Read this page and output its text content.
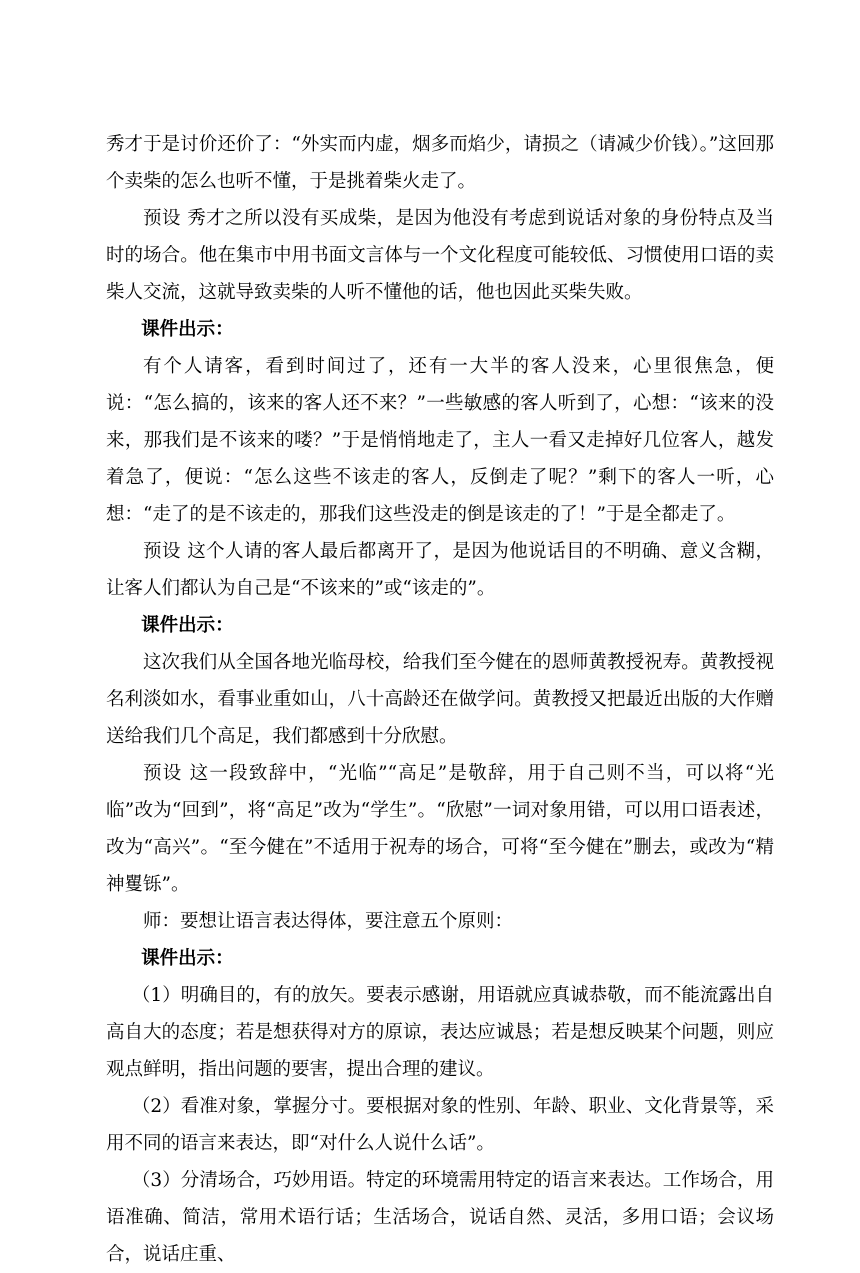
秀才于是讨价还价了：“外实而内虚，烟多而焰少，请损之（请减少价钱）。”这回那个卖柴的怎么也听不懂，于是挑着柴火走了。

预设 秀才之所以没有买成柴，是因为他没有考虑到说话对象的身份特点及当时的场合。他在集市中用书面文言体与一个文化程度可能较低、习惯使用口语的卖柴人交流，这就导致卖柴的人听不懂他的话，他也因此买柴失败。

课件出示：

有个人请客，看到时间过了，还有一大半的客人没来，心里很焦急，便说：“怎么搞的，该来的客人还不来？”一些敏感的客人听到了，心想：“该来的没来，那我们是不该来的喽？”于是悄悄地走了，主人一看又走掉好几位客人，越发着急了，便说：“怎么这些不该走的客人，反倒走了呢？”剩下的客人一听，心想：“走了的是不该走的，那我们这些没走的倒是该走的了！”于是全都走了。

预设 这个人请的客人最后都离开了，是因为他说话目的不明确、意义含糊，让客人们都认为自己是“不该来的”或“该走的”。

课件出示：

这次我们从全国各地光临母校，给我们至今健在的恩师黄教授祝寿。黄教授视名利淡如水，看事业重如山，八十高龄还在做学问。黄教授又把最近出版的大作赠送给我们几个高足，我们都感到十分欣慰。

预设 这一段致辞中，“光临”“高足”是敬辞，用于自己则不当，可以将“光临”改为“回到”，将“高足”改为“学生”。“欣慰”一词对象用错，可以用口语表述，改为“高兴”。“至今健在”不适用于祝寿的场合，可将“至今健在”删去，或改为“精神矍铄”。

师：要想让语言表达得体，要注意五个原则：

课件出示：

（1）明确目的，有的放矢。要表示感谢，用语就应真诚恭敬，而不能流露出自高自大的态度；若是想获得对方的原谅，表达应诚恳；若是想反映某个问题，则应观点鲜明，指出问题的要害，提出合理的建议。

（2）看准对象，掌握分寸。要根据对象的性别、年龄、职业、文化背景等，采用不同的语言来表达，即“对什么人说什么话”。

（3）分清场合，巧妙用语。特定的环境需用特定的语言来表达。工作场合，用语准确、简洁，常用术语行话；生活场合，说话自然、灵活，多用口语；会议场合，说话庄重、
